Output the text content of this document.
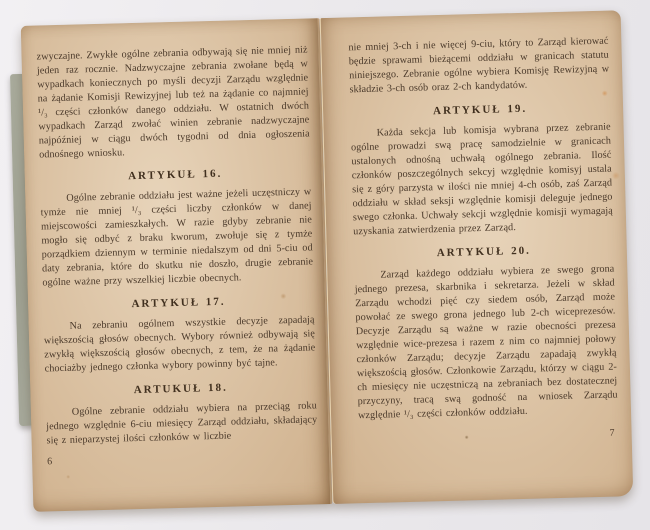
zwyczajne. Zwykłe ogólne zebrania odbywają się nie mniej niż jeden raz rocznie. Nadzwyczajne zebrania zwołane będą w wypadkach koniecznych po myśli decyzji Zarządu względnie na żądanie Komisji Rewizyjnej lub też na żądanie co najmniej ¹/₃ części członków danego oddziału. W ostatnich dwóch wypadkach Zarząd zwołać winien zebranie nadzwyczajne najpóźniej w ciągu dwóch tygodni od dnia ogłoszenia odnośnego wniosku.

ARTYKUŁ 16.

Ogólne zebranie oddziału jest ważne jeżeli uczęstniczy w tymże nie mniej ¹/₃ części liczby członków w danej miejscowości zamieszkałych. W razie gdyby zebranie nie mogło się odbyć z braku kworum, zwołuje się z tymże porządkiem dziennym w terminie niedalszym od dni 5-ciu od daty zebrania, które do skutku nie doszło, drugie zebranie ogólne ważne przy wszelkiej liczbie obecnych.

ARTYKUŁ 17.

Na zebraniu ogólnem wszystkie decyzje zapadają większością głosów obecnych. Wybory również odbywają się zwykłą większością głosów obecnych, z tem, że na żądanie chociażby jednego członka wybory powinny być tajne.

ARTUKUŁ 18.

Ogólne zebranie oddziału wybiera na przeciąg roku jednego względnie 6-ciu miesięcy Zarząd oddziału, składający się z nieparzystej ilości członków w liczbie

6

nie mniej 3-ch i nie więcej 9-ciu, który to Zarząd kierować będzie sprawami bieżącemi oddziału w granicach statutu niniejszego. Zebranie ogólne wybiera Komisję Rewizyjną w składzie 3-ch osób oraz 2-ch kandydatów.

ARTYKUŁ 19.

Każda sekcja lub komisja wybrana przez zebranie ogólne prowadzi swą pracę samodzielnie w granicach ustalonych odnośną uchwałą ogólnego zebrania. Ilość członków poszczególnych sekcyj względnie komisyj ustala się z góry parzysta w ilości nie mniej 4-ch osób, zaś Zarząd oddziału w skład seksji względnie komisji deleguje jednego swego członka. Uchwały sekcji względnie komisji wymagają uzyskania zatwierdzenia przez Zarząd.

ARTYKUŁ 20.

Zarząd każdego oddziału wybiera ze swego grona jednego prezesa, skarbnika i sekretarza. Jeżeli w skład Zarządu wchodzi pięć czy siedem osób, Zarząd może powołać ze swego grona jednego lub 2-ch wiceprezesów. Decyzje Zarządu są ważne w razie obecności prezesa względnie wice-prezesa i razem z nim co najmniej połowy członków Zarządu; decyzje Zarządu zapadają zwykłą większością głosów. Członkowie Zarządu, którzy w ciągu 2-ch miesięcy nie uczęstniczą na zebraniach bez dostatecznej przyczyny, tracą swą godność na wniosek Zarządu względnie ¹/₃ części członków oddziału.

7
